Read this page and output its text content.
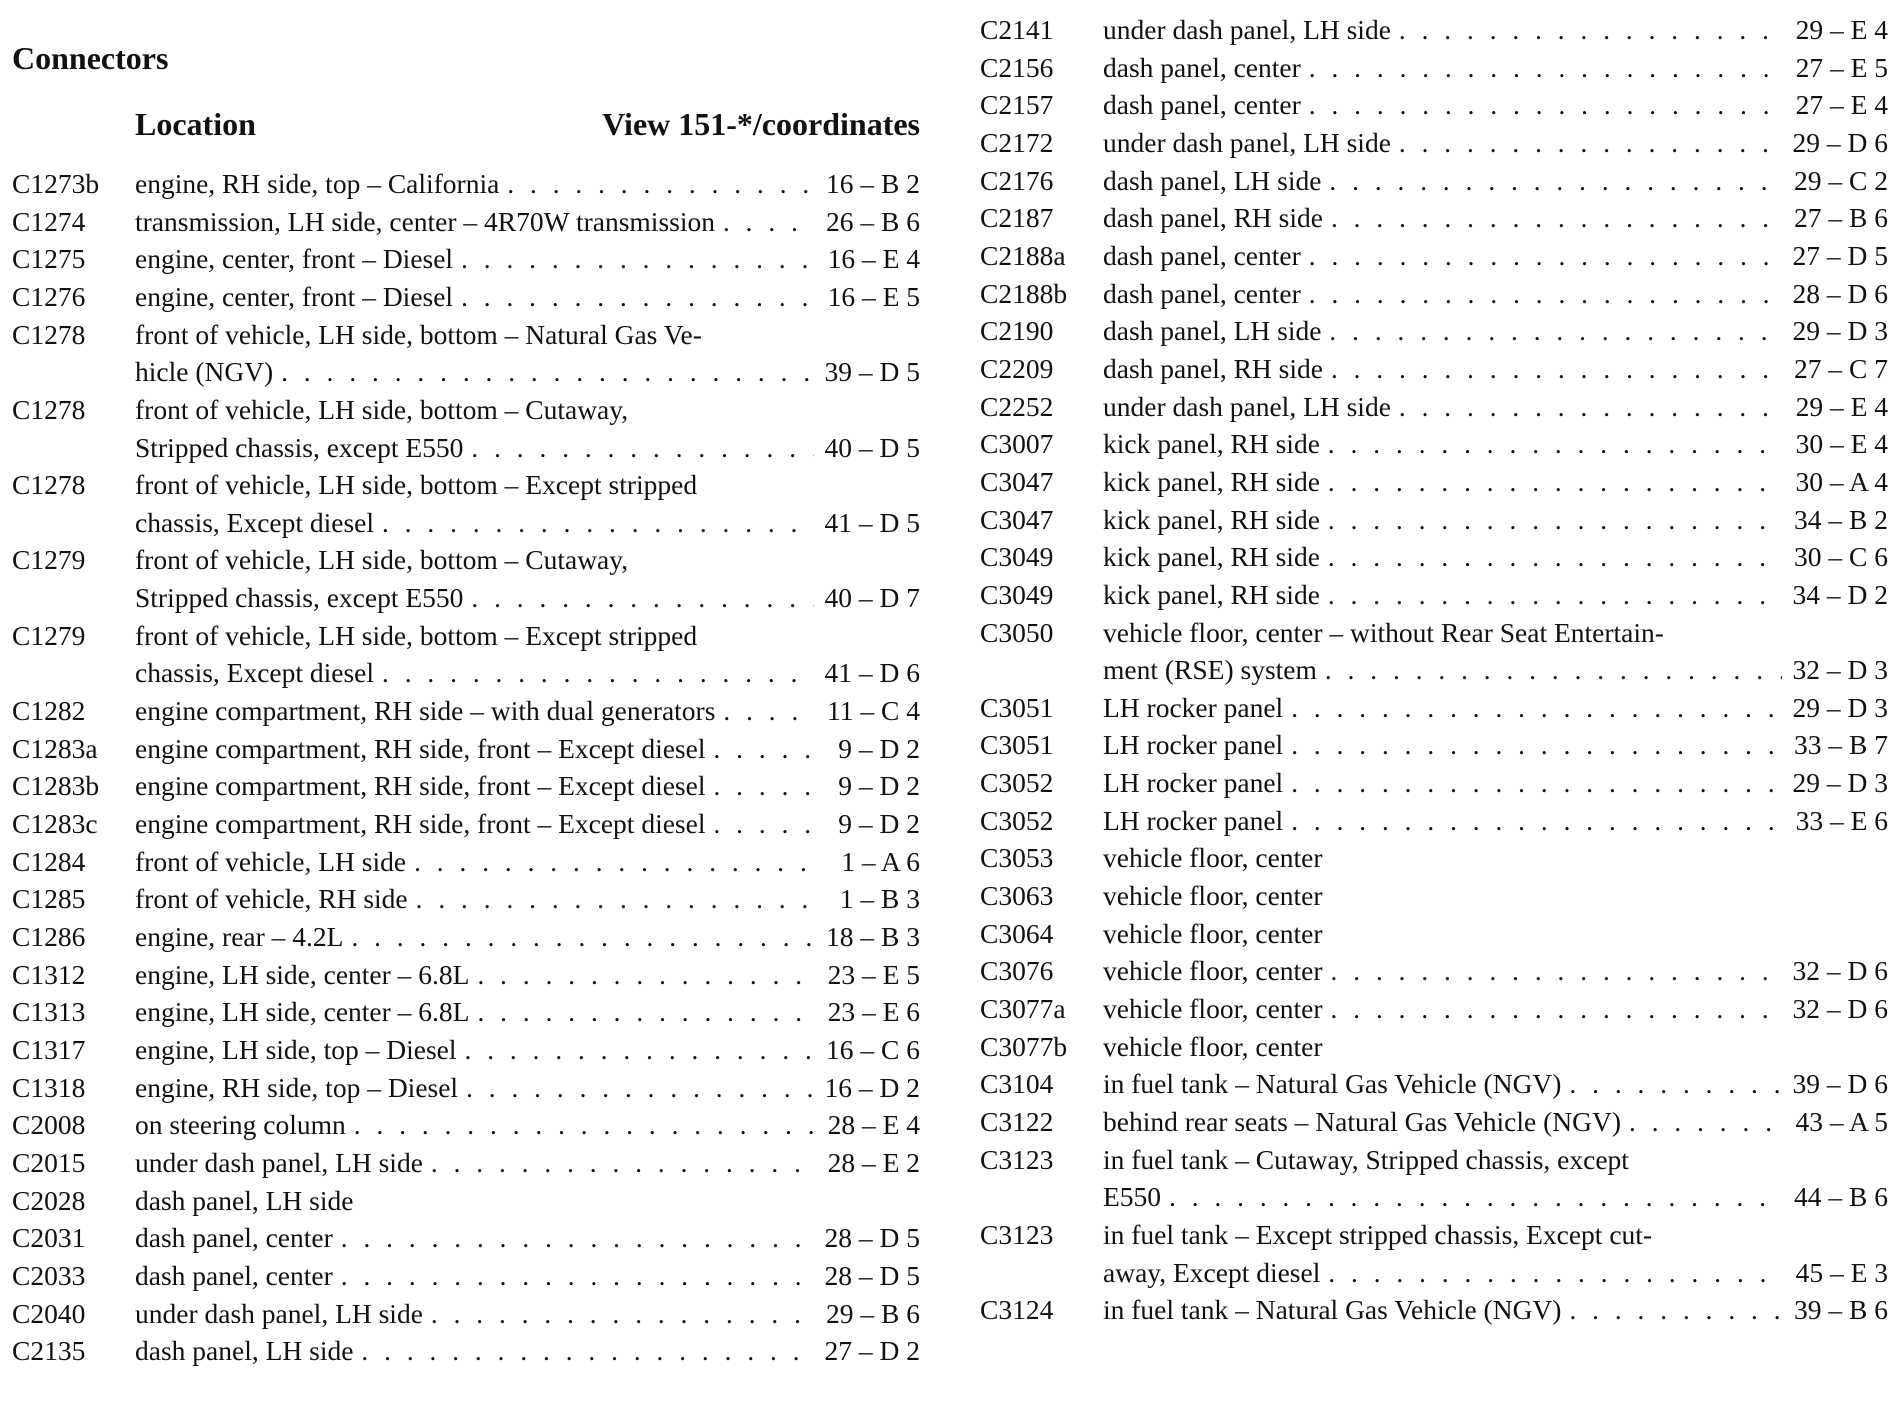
Connectors
Location	View 151-*/coordinates
C1273b	engine, RH side, top – California . . .	16 – B 2
C1274	transmission, LH side, center – 4R70W transmission . . .	26 – B 6
C1275	engine, center, front – Diesel . . .	16 – E 4
C1276	engine, center, front – Diesel . . .	16 – E 5
C1278	front of vehicle, LH side, bottom – Natural Gas Ve-
hicle (NGV) . . .	39 – D 5
C1278	front of vehicle, LH side, bottom – Cutaway,
Stripped chassis, except E550 . . .	40 – D 5
C1278	front of vehicle, LH side, bottom – Except stripped
chassis, Except diesel . . .	41 – D 5
C1279	front of vehicle, LH side, bottom – Cutaway,
Stripped chassis, except E550 . . .	40 – D 7
C1279	front of vehicle, LH side, bottom – Except stripped
chassis, Except diesel . . .	41 – D 6
C1282	engine compartment, RH side – with dual generators . . .	11 – C 4
C1283a	engine compartment, RH side, front – Except diesel . . .	9 – D 2
C1283b	engine compartment, RH side, front – Except diesel . . .	9 – D 2
C1283c	engine compartment, RH side, front – Except diesel . . .	9 – D 2
C1284	front of vehicle, LH side . . .	1 – A 6
C1285	front of vehicle, RH side . . .	1 – B 3
C1286	engine, rear – 4.2L . . .	18 – B 3
C1312	engine, LH side, center – 6.8L . . .	23 – E 5
C1313	engine, LH side, center – 6.8L . . .	23 – E 6
C1317	engine, LH side, top – Diesel . . .	16 – C 6
C1318	engine, RH side, top – Diesel . . .	16 – D 2
C2008	on steering column . . .	28 – E 4
C2015	under dash panel, LH side . . .	28 – E 2
C2028	dash panel, LH side
C2031	dash panel, center . . .	28 – D 5
C2033	dash panel, center . . .	28 – D 5
C2040	under dash panel, LH side . . .	29 – B 6
C2135	dash panel, LH side . . .	27 – D 2
C2141	under dash panel, LH side . . .	29 – E 4
C2156	dash panel, center . . .	27 – E 5
C2157	dash panel, center . . .	27 – E 4
C2172	under dash panel, LH side . . .	29 – D 6
C2176	dash panel, LH side . . .	29 – C 2
C2187	dash panel, RH side . . .	27 – B 6
C2188a	dash panel, center . . .	27 – D 5
C2188b	dash panel, center . . .	28 – D 6
C2190	dash panel, LH side . . .	29 – D 3
C2209	dash panel, RH side . . .	27 – C 7
C2252	under dash panel, LH side . . .	29 – E 4
C3007	kick panel, RH side . . .	30 – E 4
C3047	kick panel, RH side . . .	30 – A 4
C3047	kick panel, RH side . . .	34 – B 2
C3049	kick panel, RH side . . .	30 – C 6
C3049	kick panel, RH side . . .	34 – D 2
C3050	vehicle floor, center – without Rear Seat Entertain-
ment (RSE) system . . .	32 – D 3
C3051	LH rocker panel . . .	29 – D 3
C3051	LH rocker panel . . .	33 – B 7
C3052	LH rocker panel . . .	29 – D 3
C3052	LH rocker panel . . .	33 – E 6
C3053	vehicle floor, center
C3063	vehicle floor, center
C3064	vehicle floor, center
C3076	vehicle floor, center . . .	32 – D 6
C3077a	vehicle floor, center . . .	32 – D 6
C3077b	vehicle floor, center
C3104	in fuel tank – Natural Gas Vehicle (NGV) . . .	39 – D 6
C3122	behind rear seats – Natural Gas Vehicle (NGV) . . .	43 – A 5
C3123	in fuel tank – Cutaway, Stripped chassis, except
E550 . . .	44 – B 6
C3123	in fuel tank – Except stripped chassis, Except cut-
away, Except diesel . . .	45 – E 3
C3124	in fuel tank – Natural Gas Vehicle (NGV) . . .	39 – B 6
